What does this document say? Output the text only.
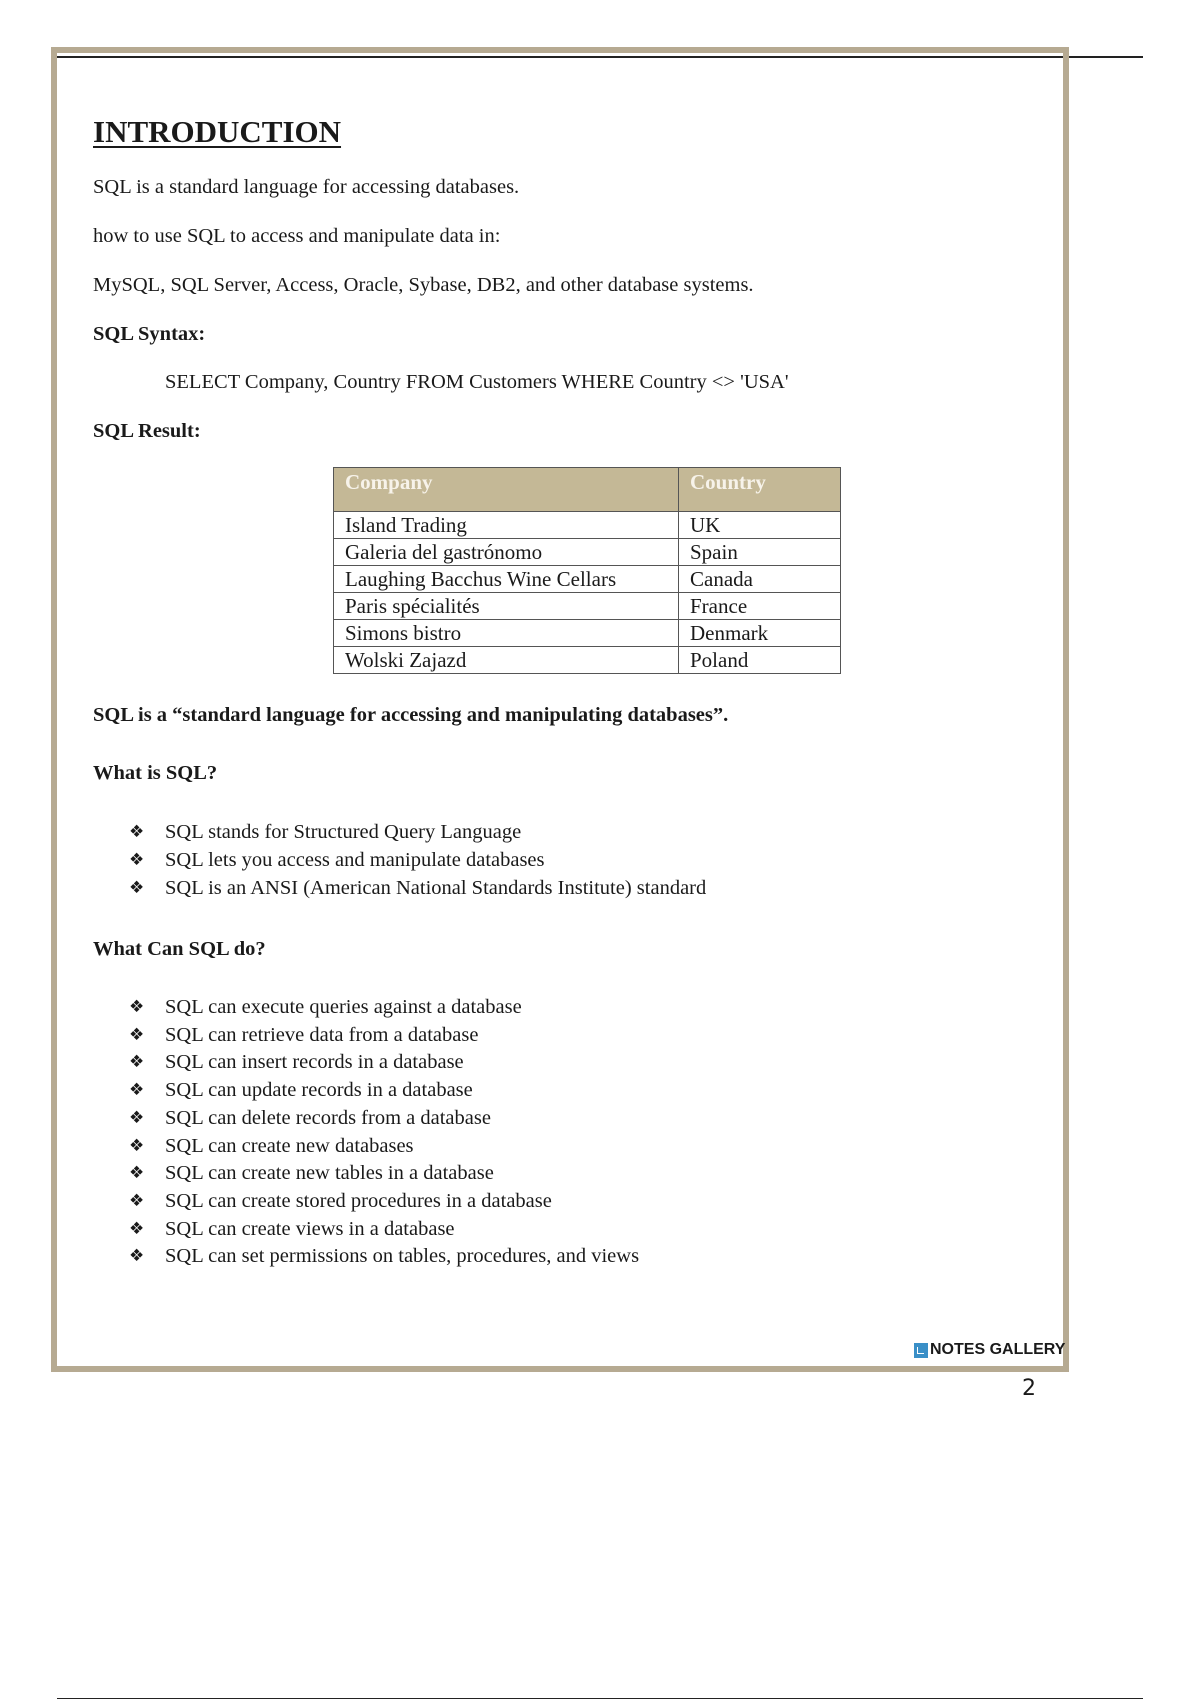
INTRODUCTION

SQL is a standard language for accessing databases.

how to use SQL to access and manipulate data in:

MySQL, SQL Server, Access, Oracle, Sybase, DB2, and other database systems.

SQL Syntax:

SELECT Company, Country FROM Customers WHERE Country <> 'USA'

SQL Result:

Company	Country
Island Trading	UK
Galeria del gastrónomo	Spain
Laughing Bacchus Wine Cellars	Canada
Paris spécialités	France
Simons bistro	Denmark
Wolski Zajazd	Poland

SQL is a “standard language for accessing and manipulating databases”.

What is SQL?

❖	SQL stands for Structured Query Language
❖	SQL lets you access and manipulate databases
❖	SQL is an ANSI (American National Standards Institute) standard

What Can SQL do?

❖	SQL can execute queries against a database
❖	SQL can retrieve data from a database
❖	SQL can insert records in a database
❖	SQL can update records in a database
❖	SQL can delete records from a database
❖	SQL can create new databases
❖	SQL can create new tables in a database
❖	SQL can create stored procedures in a database
❖	SQL can create views in a database
❖	SQL can set permissions on tables, procedures, and views
NOTES GALLERY
2
